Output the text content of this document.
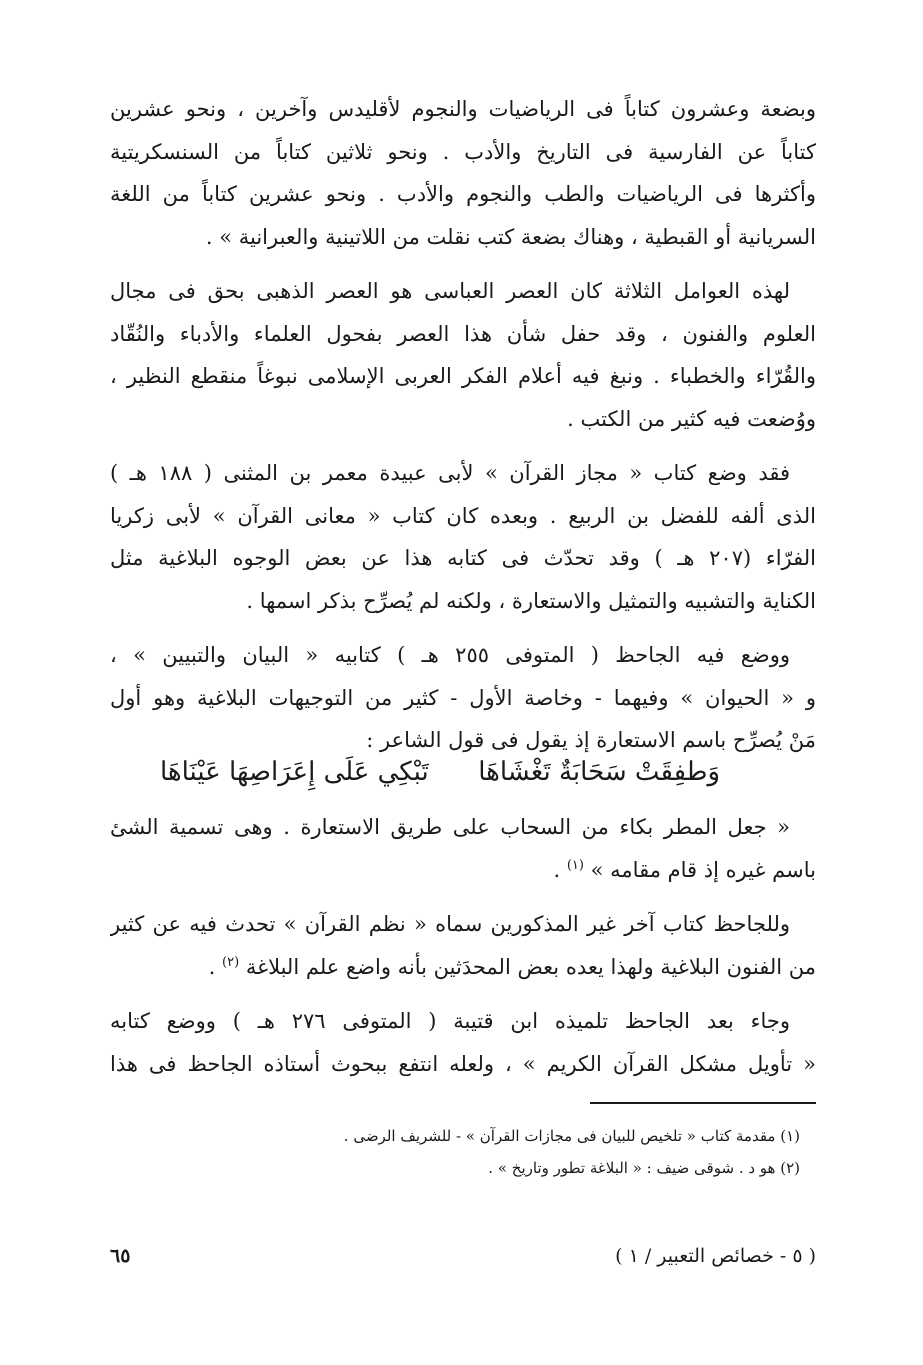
وبضعة وعشرون كتاباً فى الرياضيات والنجوم لأقليدس وآخرين ، ونحو عشرين
كتاباً عن الفارسية فى التاريخ والأدب . ونحو ثلاثين كتاباً من السنسكريتية
وأكثرها فى الرياضيات والطب والنجوم والأدب . ونحو عشرين كتاباً من اللغة
السريانية أو القبطية ، وهناك بضعة كتب نقلت من اللاتينية والعبرانية » .

لهذه العوامل الثلاثة كان العصر العباسى هو العصر الذهبى بحق فى مجال
العلوم والفنون ، وقد حفل شأن هذا العصر بفحول العلماء والأدباء والنُقّاد
والقُرّاء والخطباء . ونبغ فيه أعلام الفكر العربى الإسلامى نبوغاً منقطع النظير ،
ووُضعت فيه كثير من الكتب .

فقد وضع كتاب « مجاز القرآن » لأبى عبيدة معمر بن المثنى ( ١٨٨ هـ )
الذى ألفه للفضل بن الربيع . وبعده كان كتاب « معانى القرآن » لأبى زكريا
الفرّاء (٢٠٧ هـ ) وقد تحدّث فى كتابه هذا عن بعض الوجوه البلاغية مثل
الكناية والتشبيه والتمثيل والاستعارة ، ولكنه لم يُصرِّح بذكر اسمها .

ووضع فيه الجاحظ ( المتوفى ٢٥٥ هـ ) كتابيه « البيان والتبيين » ،
و « الحيوان » وفيهما - وخاصة الأول - كثير من التوجيهات البلاغية وهو أول
مَنْ يُصرِّح باسم الاستعارة إذ يقول فى قول الشاعر :

وَطفِقَتْ سَحَابَةٌ تَغْشَاهَا
تَبْكِي عَلَى إِعَرَاصِهَا عَيْنَاهَا

« جعل المطر بكاء من السحاب على طريق الاستعارة . وهى تسمية الشئ
باسم غيره إذ قام مقامه » $^{(١)}$ .

وللجاحظ كتاب آخر غير المذكورين سماه « نظم القرآن » تحدث فيه عن كثير
من الفنون البلاغية ولهذا يعده بعض المحدَثين بأنه واضع علم البلاغة $^{(٢)}$ .

وجاء بعد الجاحظ تلميذه ابن قتيبة ( المتوفى ٢٧٦ هـ ) ووضع كتابه
« تأويل مشكل القرآن الكريم » ، ولعله انتفع ببحوث أستاذه الجاحظ فى هذا

(١) مقدمة كتاب « تلخيص للبيان فى مجازات القرآن » - للشريف الرضى .
(٢) هو د . شوقى ضيف : « البلاغة تطور وتاريخ » .
٦٥	( ٥ - خصائص التعبير / ١ )
